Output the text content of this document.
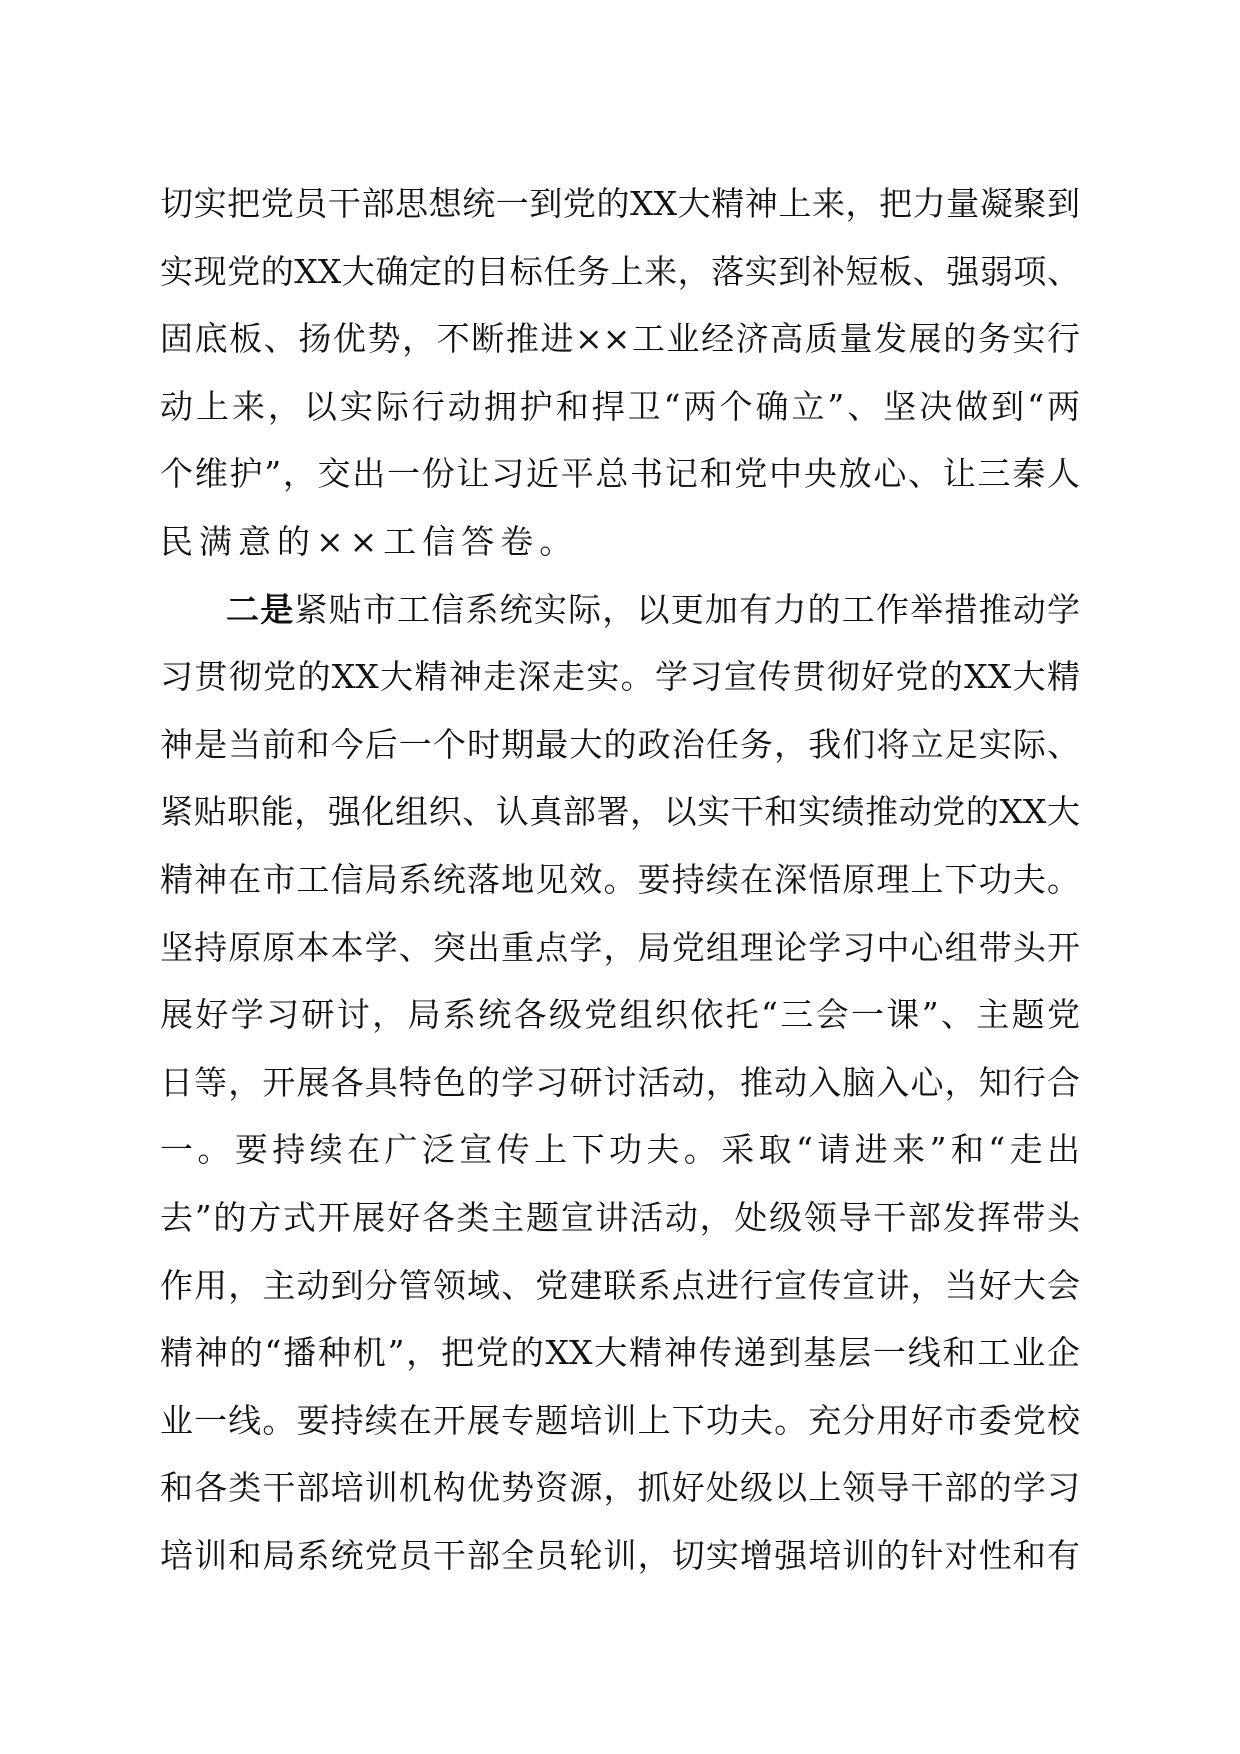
切实把党员干部思想统一到党的XX大精神上来，把力量凝聚到
实现党的XX大确定的目标任务上来，落实到补短板、强弱项、
固底板、扬优势，不断推进××工业经济高质量发展的务实行
动上来，以实际行动拥护和捍卫“两个确立”、坚决做到“两
个维护”，交出一份让习近平总书记和党中央放心、让三秦人
民满意的××工信答卷。
二是紧贴市工信系统实际，以更加有力的工作举措推动学
习贯彻党的XX大精神走深走实。学习宣传贯彻好党的XX大精
神是当前和今后一个时期最大的政治任务，我们将立足实际、
紧贴职能，强化组织、认真部署，以实干和实绩推动党的XX大
精神在市工信局系统落地见效。要持续在深悟原理上下功夫。
坚持原原本本学、突出重点学，局党组理论学习中心组带头开
展好学习研讨，局系统各级党组织依托“三会一课”、主题党
日等，开展各具特色的学习研讨活动，推动入脑入心，知行合
一。要持续在广泛宣传上下功夫。采取“请进来”和“走出
去”的方式开展好各类主题宣讲活动，处级领导干部发挥带头
作用，主动到分管领域、党建联系点进行宣传宣讲，当好大会
精神的“播种机”，把党的XX大精神传递到基层一线和工业企
业一线。要持续在开展专题培训上下功夫。充分用好市委党校
和各类干部培训机构优势资源，抓好处级以上领导干部的学习
培训和局系统党员干部全员轮训，切实增强培训的针对性和有
